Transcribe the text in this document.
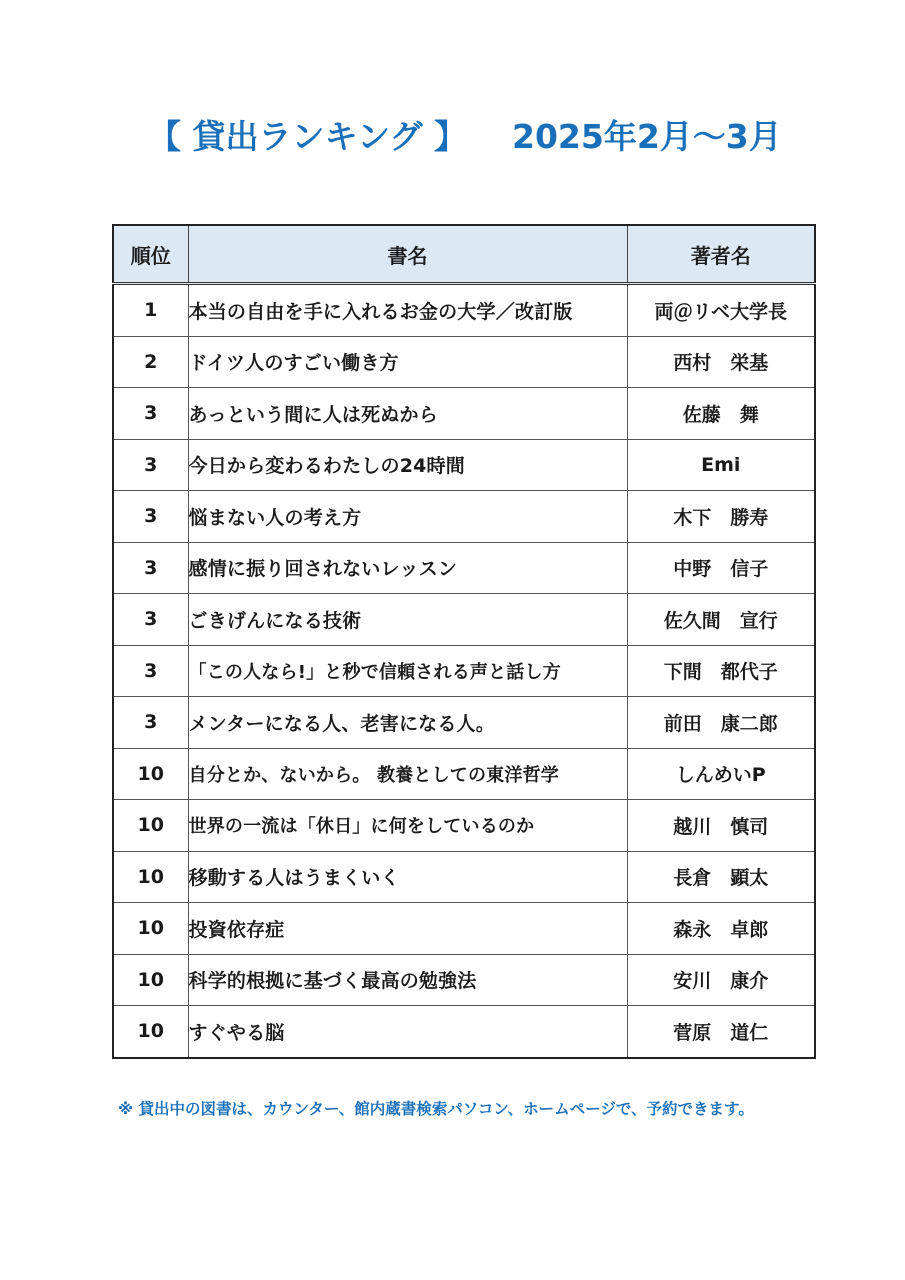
【 貸出ランキング 】 2025年2月～3月
順位	書名	著者名
1	本当の自由を手に入れるお金の大学／改訂版	両＠リベ大学長
2	ドイツ人のすごい働き方	西村　栄基
3	あっという間に人は死ぬから	佐藤　舞
3	今日から変わるわたしの24時間	Emi
3	悩まない人の考え方	木下　勝寿
3	感情に振り回されないレッスン	中野　信子
3	ごきげんになる技術	佐久間　宣行
3	「この人なら!」と秒で信頼される声と話し方	下間　都代子
3	メンターになる人、老害になる人。	前田　康二郎
10	自分とか、ないから。 教養としての東洋哲学	しんめいP
10	世界の一流は「休日」に何をしているのか	越川　慎司
10	移動する人はうまくいく	長倉　顕太
10	投資依存症	森永　卓郎
10	科学的根拠に基づく最高の勉強法	安川　康介
10	すぐやる脳	菅原　道仁
※ 貸出中の図書は、カウンター、館内蔵書検索パソコン、ホームページで、予約できます。
